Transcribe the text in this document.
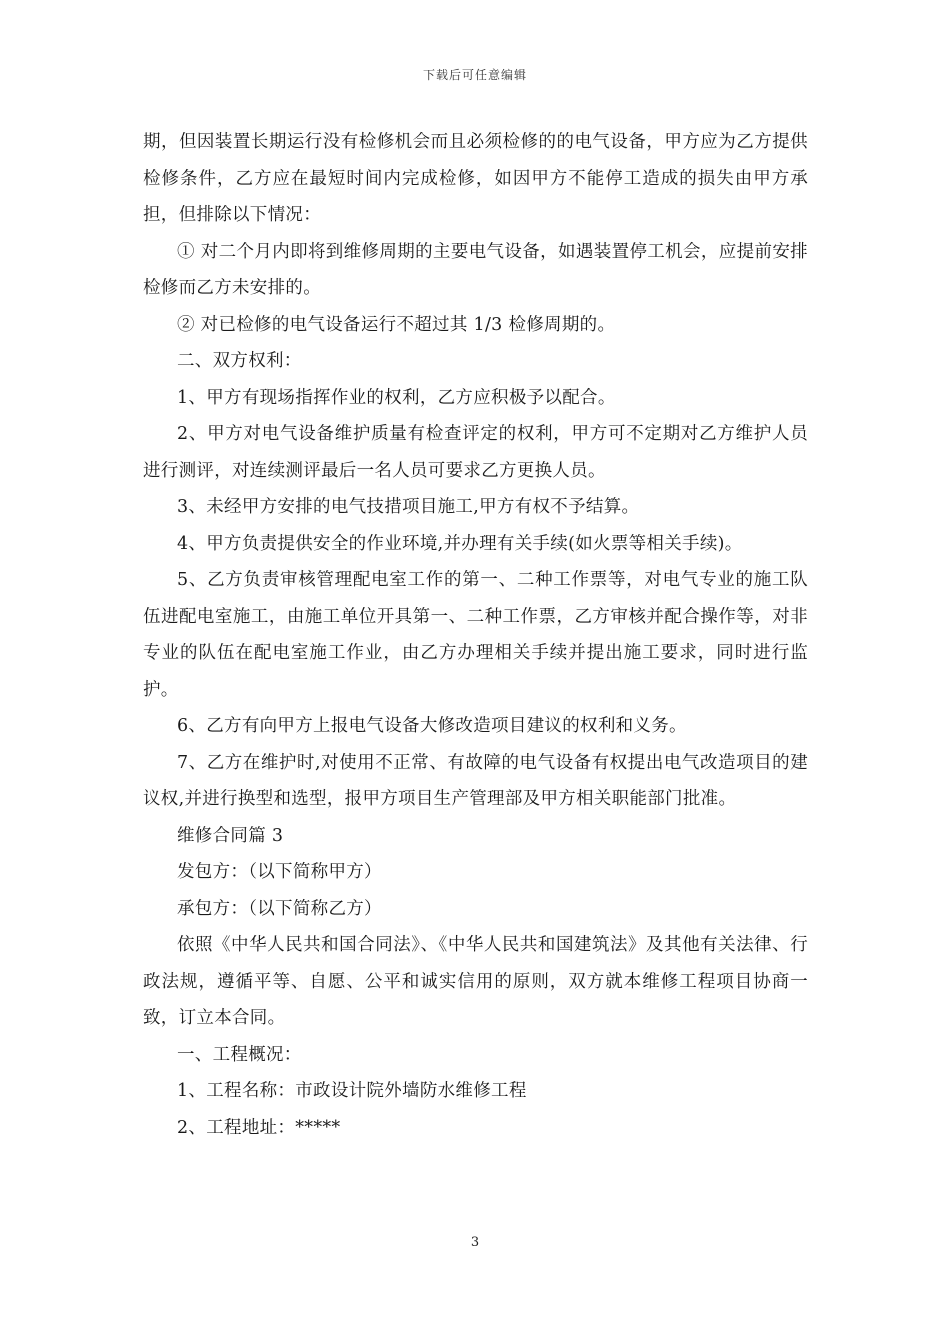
下载后可任意编辑

期，但因装置长期运行没有检修机会而且必须检修的的电气设备，甲方应为乙方提供检修条件，乙方应在最短时间内完成检修，如因甲方不能停工造成的损失由甲方承担，但排除以下情况：

① 对二个月内即将到维修周期的主要电气设备，如遇装置停工机会，应提前安排检修而乙方未安排的。

② 对已检修的电气设备运行不超过其 1/3 检修周期的。

二、双方权利：

1、甲方有现场指挥作业的权利，乙方应积极予以配合。

2、甲方对电气设备维护质量有检查评定的权利，甲方可不定期对乙方维护人员进行测评，对连续测评最后一名人员可要求乙方更换人员。

3、未经甲方安排的电气技措项目施工,甲方有权不予结算。

4、甲方负责提供安全的作业环境,并办理有关手续(如火票等相关手续)。

5、乙方负责审核管理配电室工作的第一、二种工作票等，对电气专业的施工队伍进配电室施工，由施工单位开具第一、二种工作票，乙方审核并配合操作等，对非专业的队伍在配电室施工作业，由乙方办理相关手续并提出施工要求，同时进行监护。

6、乙方有向甲方上报电气设备大修改造项目建议的权利和义务。

7、乙方在维护时,对使用不正常、有故障的电气设备有权提出电气改造项目的建议权,并进行换型和选型，报甲方项目生产管理部及甲方相关职能部门批准。

维修合同篇 3

发包方：（以下简称甲方）

承包方：（以下简称乙方）

依照《中华人民共和国合同法》、《中华人民共和国建筑法》及其他有关法律、行政法规，遵循平等、自愿、公平和诚实信用的原则，双方就本维修工程项目协商一致，订立本合同。

一、工程概况：

1、工程名称：市政设计院外墙防水维修工程

2、工程地址：*****

3
